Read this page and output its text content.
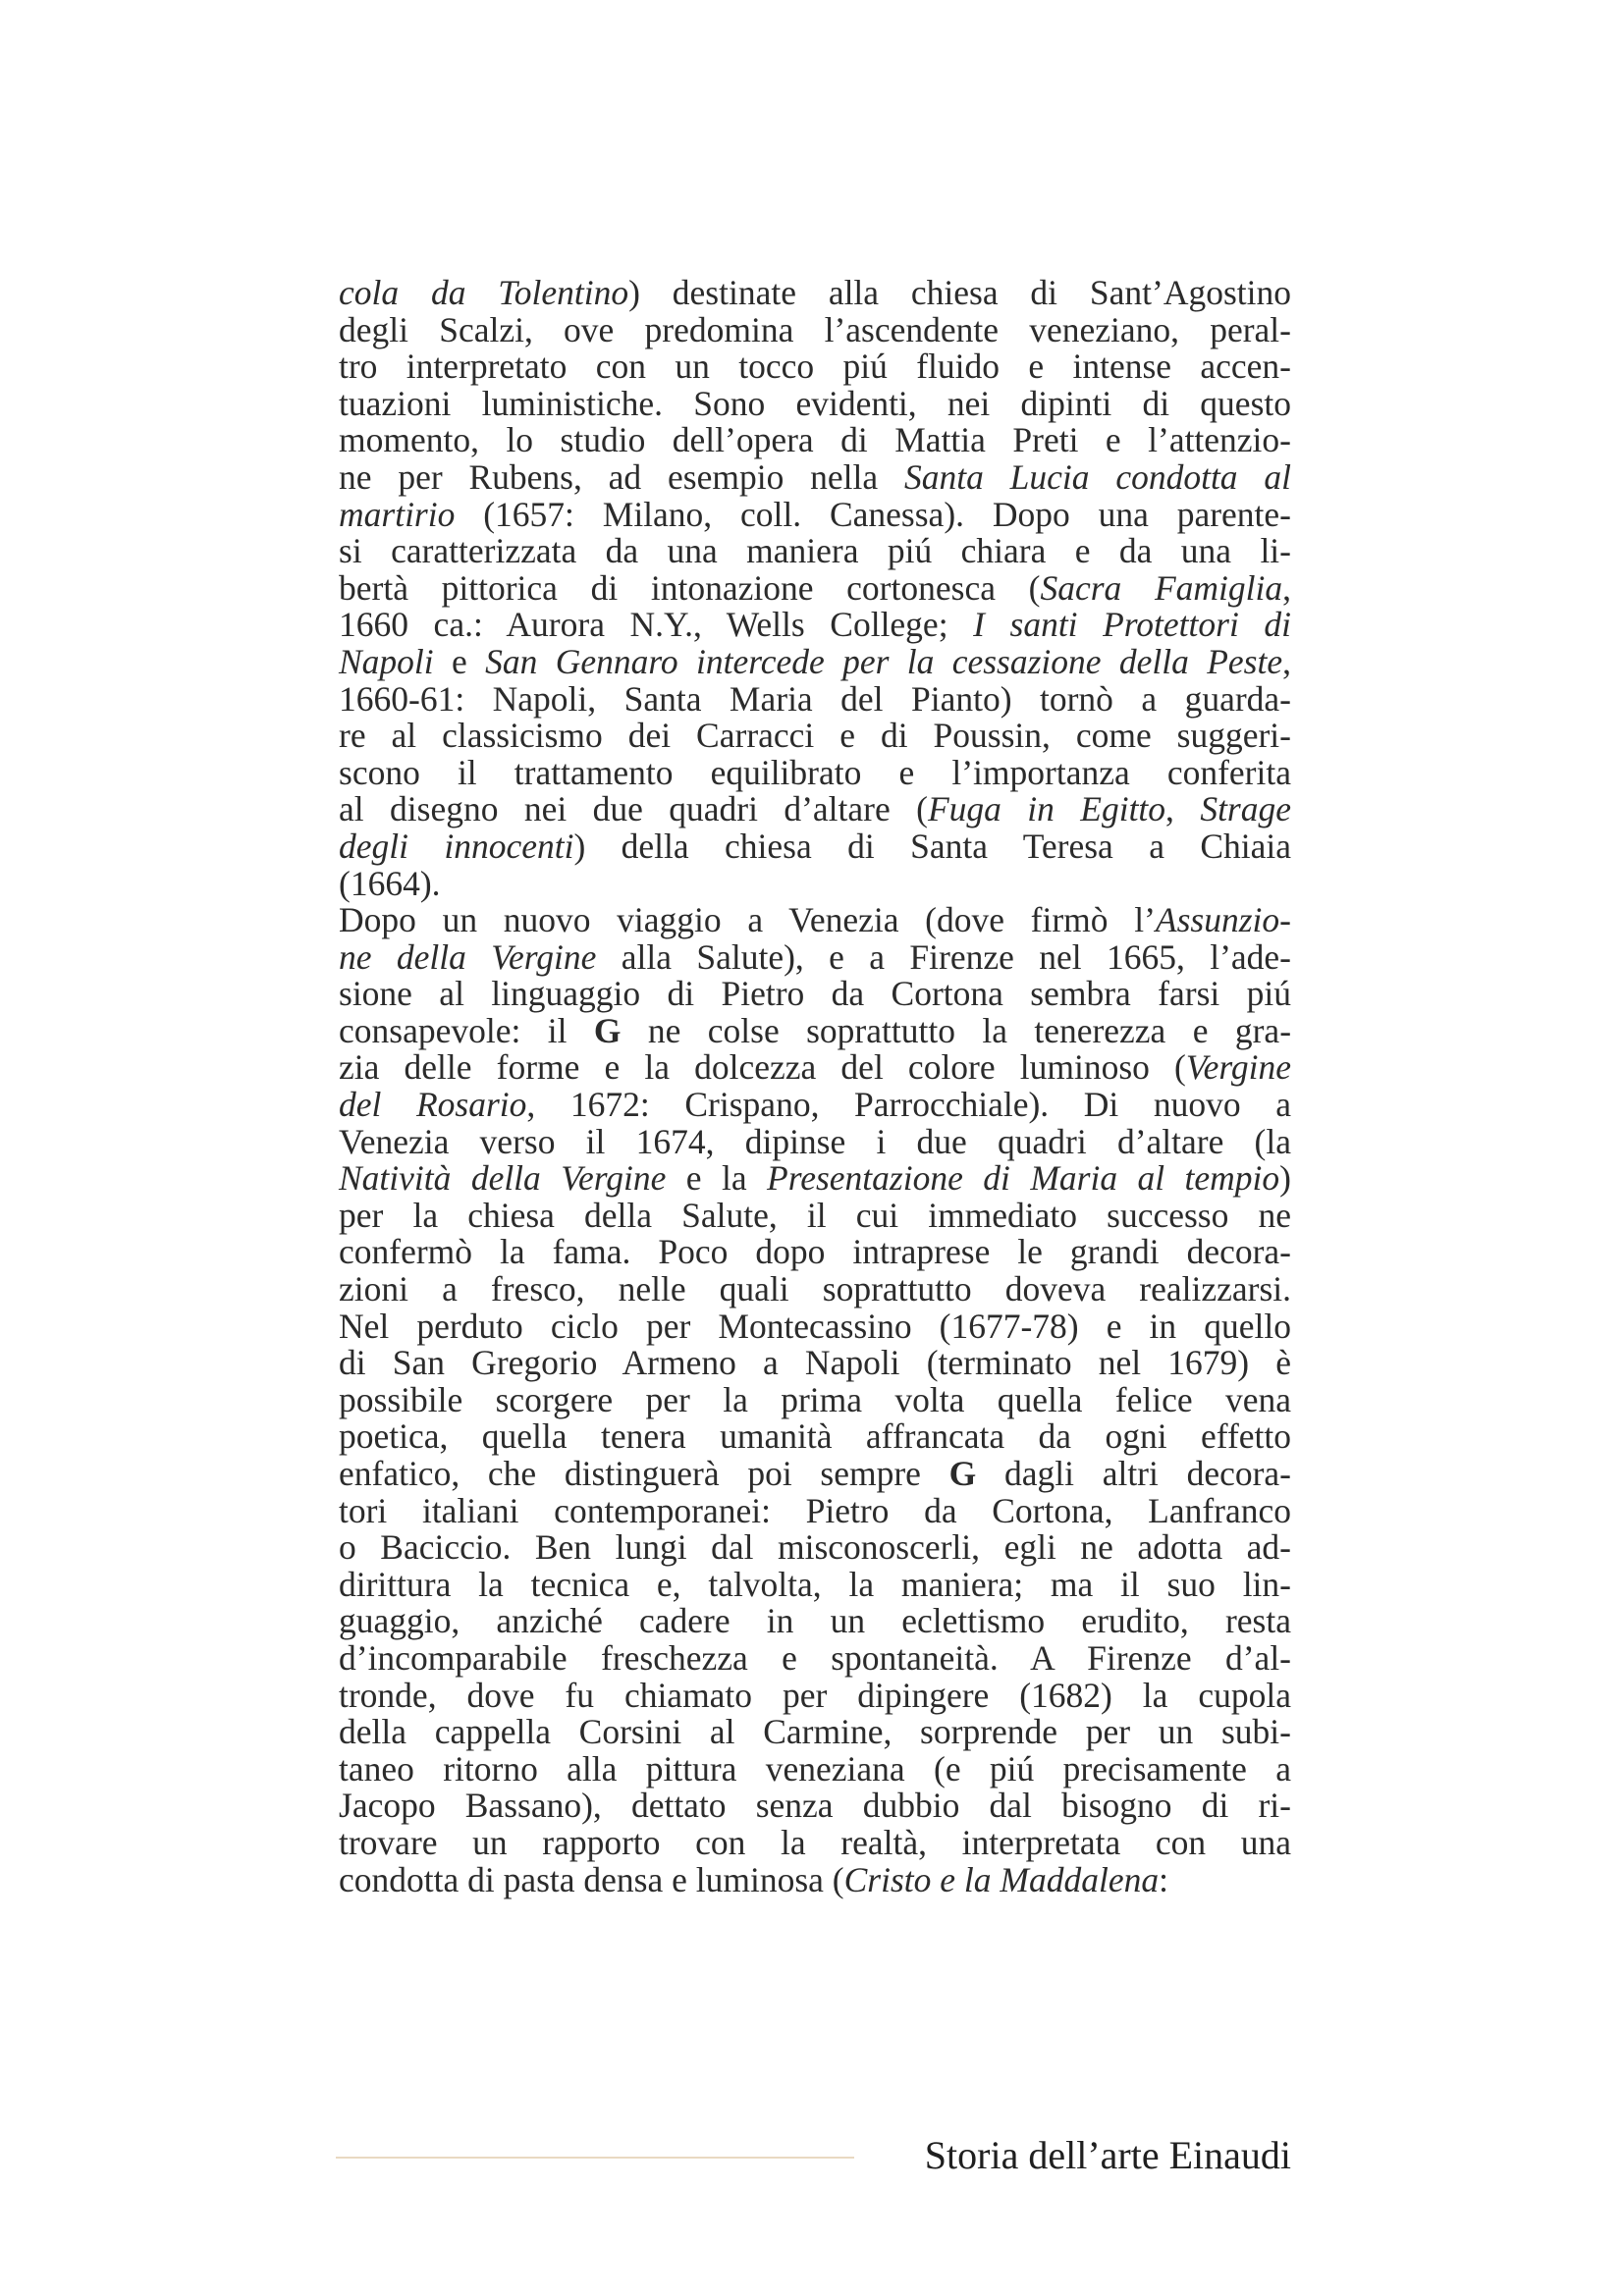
cola da Tolentino) destinate alla chiesa di Sant’Agostino
degli Scalzi, ove predomina l’ascendente veneziano, peral-
tro interpretato con un tocco piú fluido e intense accen-
tuazioni luministiche. Sono evidenti, nei dipinti di questo
momento, lo studio dell’opera di Mattia Preti e l’attenzio-
ne per Rubens, ad esempio nella Santa Lucia condotta al
martirio (1657: Milano, coll. Canessa). Dopo una parente-
si caratterizzata da una maniera piú chiara e da una li-
bertà pittorica di intonazione cortonesca (Sacra Famiglia,
1660 ca.: Aurora N.Y., Wells College; I santi Protettori di
Napoli e San Gennaro intercede per la cessazione della Peste,
1660-61: Napoli, Santa Maria del Pianto) tornò a guarda-
re al classicismo dei Carracci e di Poussin, come suggeri-
scono il trattamento equilibrato e l’importanza conferita
al disegno nei due quadri d’altare (Fuga in Egitto, Strage
degli innocenti) della chiesa di Santa Teresa a Chiaia
(1664).
Dopo un nuovo viaggio a Venezia (dove firmò l’Assunzio-
ne della Vergine alla Salute), e a Firenze nel 1665, l’ade-
sione al linguaggio di Pietro da Cortona sembra farsi piú
consapevole: il G ne colse soprattutto la tenerezza e gra-
zia delle forme e la dolcezza del colore luminoso (Vergine
del Rosario, 1672: Crispano, Parrocchiale). Di nuovo a
Venezia verso il 1674, dipinse i due quadri d’altare (la
Natività della Vergine e la Presentazione di Maria al tempio)
per la chiesa della Salute, il cui immediato successo ne
confermò la fama. Poco dopo intraprese le grandi decora-
zioni a fresco, nelle quali soprattutto doveva realizzarsi.
Nel perduto ciclo per Montecassino (1677-78) e in quello
di San Gregorio Armeno a Napoli (terminato nel 1679) è
possibile scorgere per la prima volta quella felice vena
poetica, quella tenera umanità affrancata da ogni effetto
enfatico, che distinguerà poi sempre G dagli altri decora-
tori italiani contemporanei: Pietro da Cortona, Lanfranco
o Baciccio. Ben lungi dal misconoscerli, egli ne adotta ad-
dirittura la tecnica e, talvolta, la maniera; ma il suo lin-
guaggio, anziché cadere in un eclettismo erudito, resta
d’incomparabile freschezza e spontaneità. A Firenze d’al-
tronde, dove fu chiamato per dipingere (1682) la cupola
della cappella Corsini al Carmine, sorprende per un subi-
taneo ritorno alla pittura veneziana (e piú precisamente a
Jacopo Bassano), dettato senza dubbio dal bisogno di ri-
trovare un rapporto con la realtà, interpretata con una
condotta di pasta densa e luminosa (Cristo e la Maddalena:
Storia dell’arte Einaudi
